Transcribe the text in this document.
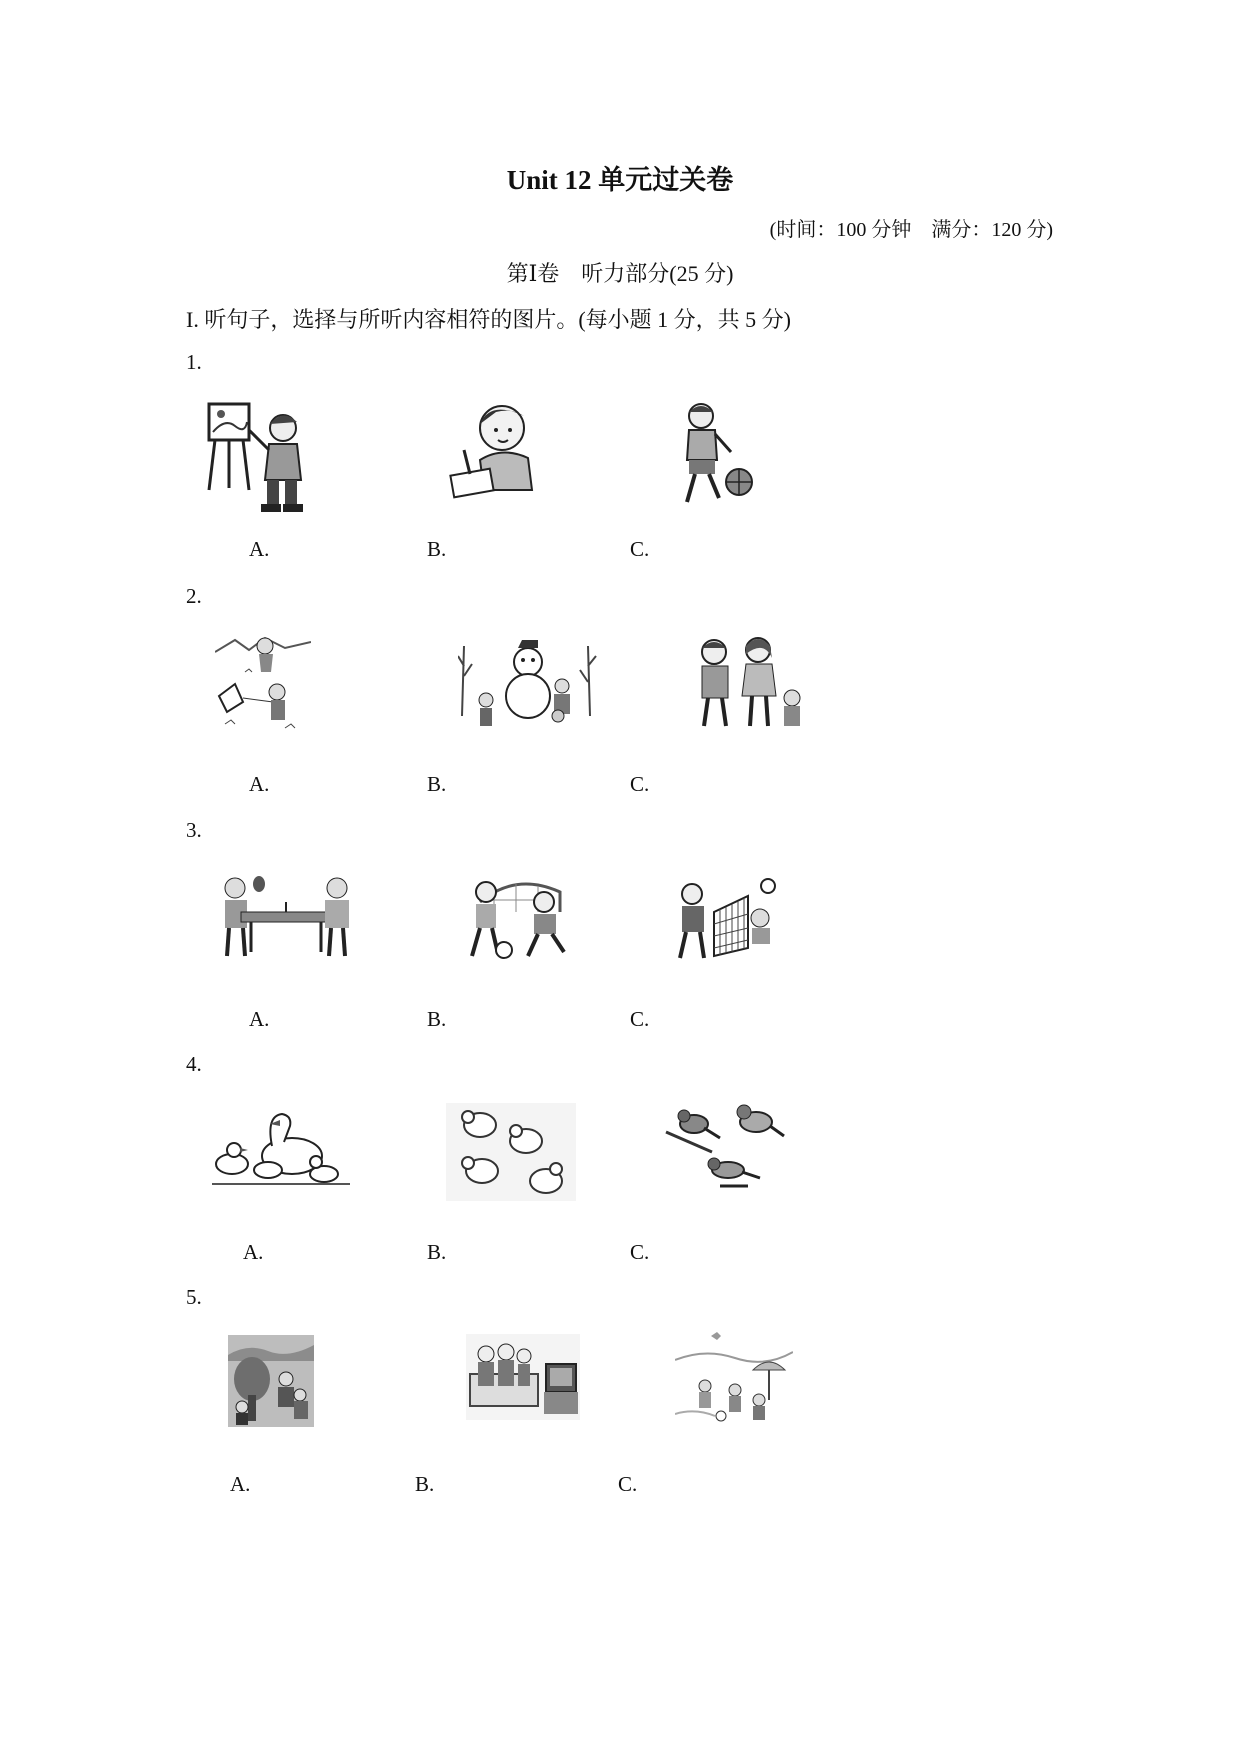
Unit 12 单元过关卷
(时间：100 分钟　满分：120 分)
第Ⅰ卷　听力部分(25 分)
I. 听句子，选择与所听内容相符的图片。(每小题 1 分，共 5 分)
1.
A.	B.	C.
2.
A.	B.	C.
3.
A.	B.	C.
4.
A.	B.	C.
5.
A.	B.	C.
